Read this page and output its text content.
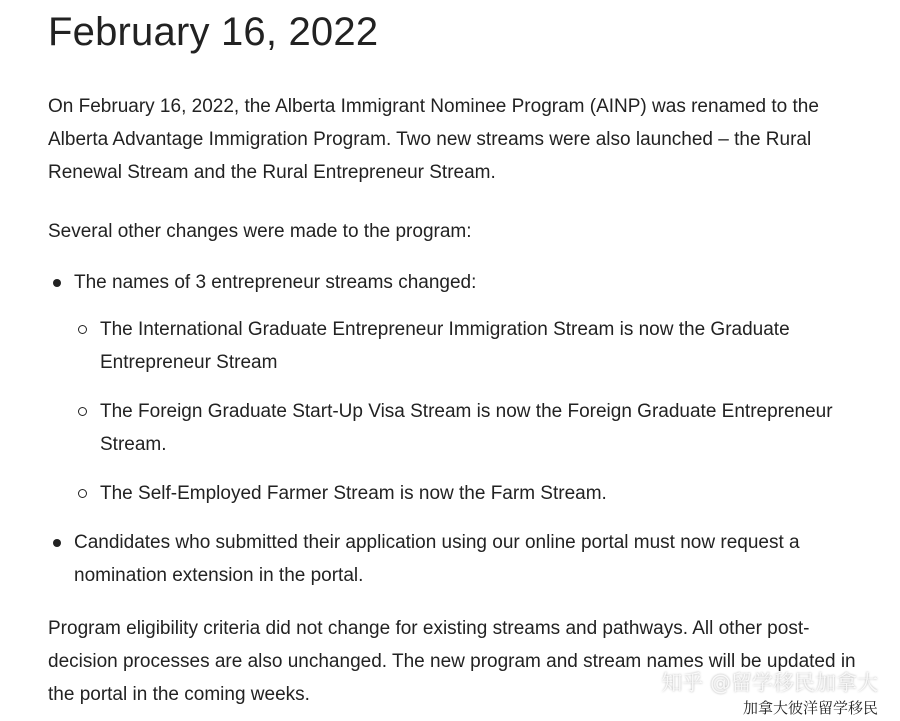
February 16, 2022

On February 16, 2022, the Alberta Immigrant Nominee Program (AINP) was renamed to the Alberta Advantage Immigration Program. Two new streams were also launched – the Rural Renewal Stream and the Rural Entrepreneur Stream.

Several other changes were made to the program:

The names of 3 entrepreneur streams changed:
The International Graduate Entrepreneur Immigration Stream is now the Graduate Entrepreneur Stream
The Foreign Graduate Start-Up Visa Stream is now the Foreign Graduate Entrepreneur Stream.
The Self-Employed Farmer Stream is now the Farm Stream.
Candidates who submitted their application using our online portal must now request a nomination extension in the portal.

Program eligibility criteria did not change for existing streams and pathways. All other post-decision processes are also unchanged. The new program and stream names will be updated in the portal in the coming weeks.	知乎 @留学移民加拿大
加拿大彼洋留学移民
